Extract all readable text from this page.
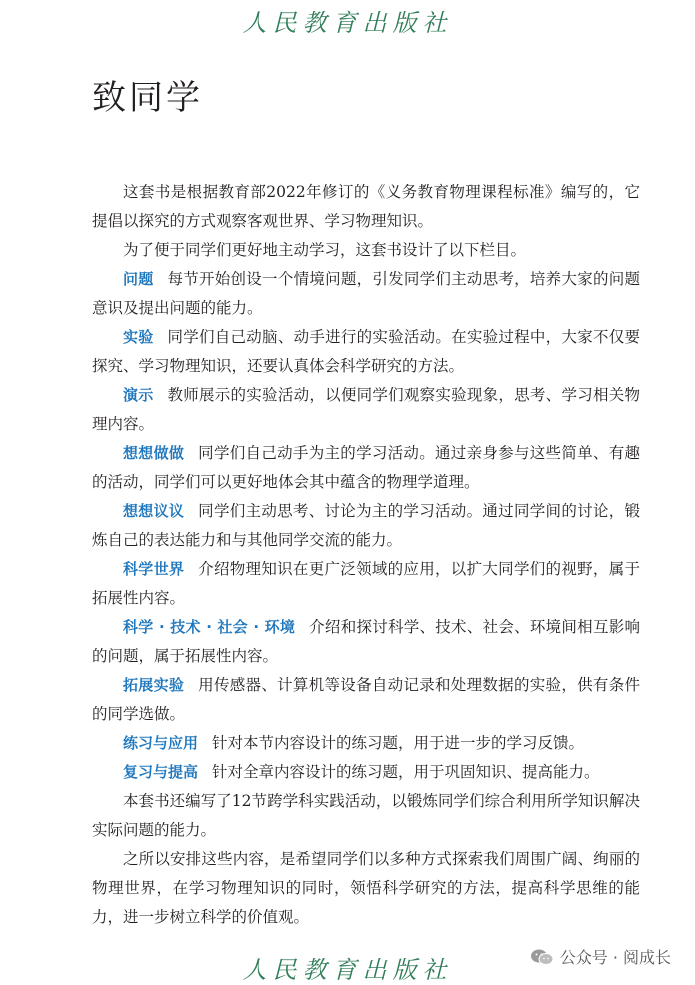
人民教育出版社
致同学

这套书是根据教育部2022年修订的《义务教育物理课程标准》编写的，它提倡以探究的方式观察客观世界、学习物理知识。

为了便于同学们更好地主动学习，这套书设计了以下栏目。

问题 每节开始创设一个情境问题，引发同学们主动思考，培养大家的问题意识及提出问题的能力。

实验 同学们自己动脑、动手进行的实验活动。在实验过程中，大家不仅要探究、学习物理知识，还要认真体会科学研究的方法。

演示 教师展示的实验活动，以便同学们观察实验现象，思考、学习相关物理内容。

想想做做 同学们自己动手为主的学习活动。通过亲身参与这些简单、有趣的活动，同学们可以更好地体会其中蕴含的物理学道理。

想想议议 同学们主动思考、讨论为主的学习活动。通过同学间的讨论，锻炼自己的表达能力和与其他同学交流的能力。

科学世界 介绍物理知识在更广泛领域的应用，以扩大同学们的视野，属于拓展性内容。

科学 · 技术 · 社会 · 环境 介绍和探讨科学、技术、社会、环境间相互影响的问题，属于拓展性内容。

拓展实验 用传感器、计算机等设备自动记录和处理数据的实验，供有条件的同学选做。

练习与应用 针对本节内容设计的练习题，用于进一步的学习反馈。

复习与提高 针对全章内容设计的练习题，用于巩固知识、提高能力。

本套书还编写了12节跨学科实践活动，以锻炼同学们综合利用所学知识解决实际问题的能力。

之所以安排这些内容，是希望同学们以多种方式探索我们周围广阔、绚丽的物理世界，在学习物理知识的同时，领悟科学研究的方法，提高科学思维的能力，进一步树立科学的价值观。

人民教育出版社	公众号 · 阅成长
